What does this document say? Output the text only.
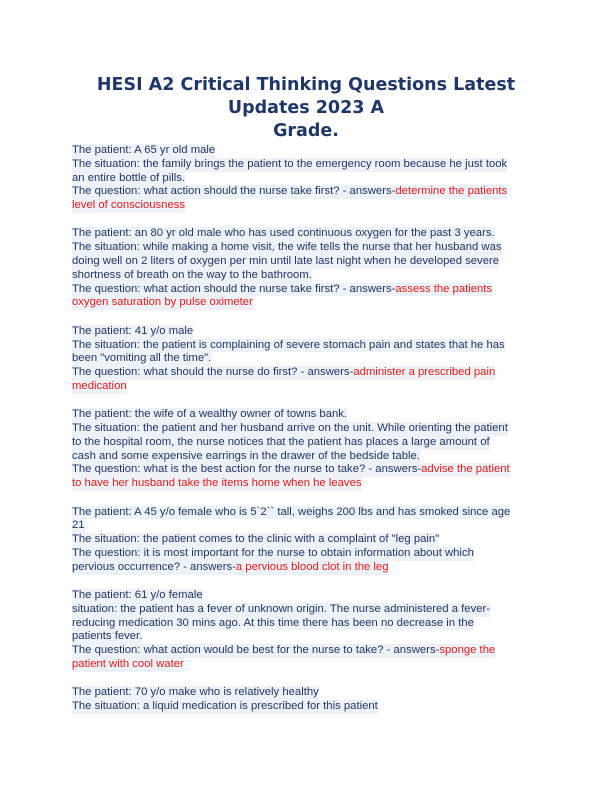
HESI A2 Critical Thinking Questions Latest Updates 2023 A
Grade.
The patient: A 65 yr old male
The situation: the family brings the patient to the emergency room because he just took
an entire bottle of pills.
The question: what action should the nurse take first? - answers-determine the patients
level of consciousness
The patient: an 80 yr old male who has used continuous oxygen for the past 3 years.
The situation: while making a home visit, the wife tells the nurse that her husband was
doing well on 2 liters of oxygen per min until late last night when he developed severe
shortness of breath on the way to the bathroom.
The question: what action should the nurse take first? - answers-assess the patients
oxygen saturation by pulse oximeter
The patient: 41 y/o male
The situation: the patient is complaining of severe stomach pain and states that he has
been "vomiting all the time".
The question: what should the nurse do first? - answers-administer a prescribed pain
medication
The patient: the wife of a wealthy owner of towns bank.
The situation: the patient and her husband arrive on the unit. While orienting the patient
to the hospital room, the nurse notices that the patient has places a large amount of
cash and some expensive earrings in the drawer of the bedside table.
The question: what is the best action for the nurse to take? - answers-advise the patient
to have her husband take the items home when he leaves
The patient: A 45 y/o female who is 5`2`` tall, weighs 200 lbs and has smoked since age
21
The situation: the patient comes to the clinic with a complaint of "leg pain"
The question: it is most important for the nurse to obtain information about which
pervious occurrence? - answers-a pervious blood clot in the leg
The patient: 61 y/o female
situation: the patient has a fever of unknown origin. The nurse administered a fever-
reducing medication 30 mins ago. At this time there has been no decrease in the
patients fever.
The question: what action would be best for the nurse to take? - answers-sponge the
patient with cool water
The patient: 70 y/o make who is relatively healthy
The situation: a liquid medication is prescribed for this patient
